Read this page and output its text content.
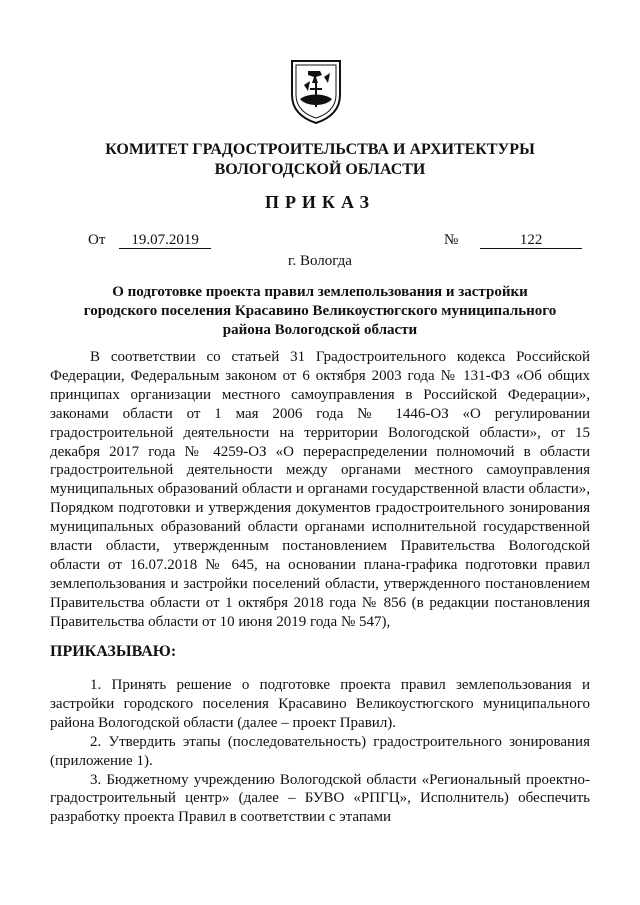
КОМИТЕТ ГРАДОСТРОИТЕЛЬСТВА И АРХИТЕКТУРЫ
ВОЛОГОДСКОЙ ОБЛАСТИ
ПРИКАЗ
От 19.07.2019	№	122
г. Вологда
О подготовке проекта правил землепользования и застройки
городского поселения Красавино Великоустюгского муниципального
района Вологодской области

В соответствии со статьей 31 Градостроительного кодекса Российской Федерации, Федеральным законом от 6 октября 2003 года № 131-ФЗ «Об общих принципах организации местного самоуправления в Российской Федерации», законами области от 1 мая 2006 года № 1446-ОЗ «О регулировании градостроительной деятельности на территории Вологодской области», от 15 декабря 2017 года № 4259-ОЗ «О перераспределении полномочий в области градостроительной деятельности между органами местного самоуправления муниципальных образований области и органами государственной власти области», Порядком подготовки и утверждения документов градостроительного зонирования муниципальных образований области органами исполнительной государственной власти области, утвержденным постановлением Правительства Вологодской области от 16.07.2018 № 645, на основании плана-графика подготовки правил землепользования и застройки поселений области, утвержденного постановлением Правительства области от 1 октября 2018 года № 856 (в редакции постановления Правительства области от 10 июня 2019 года № 547),

ПРИКАЗЫВАЮ:

1. Принять решение о подготовке проекта правил землепользования и застройки городского поселения Красавино Великоустюгского муниципального района Вологодской области (далее – проект Правил).

2. Утвердить этапы (последовательность) градостроительного зонирования (приложение 1).

3. Бюджетному учреждению Вологодской области «Региональный проектно-градостроительный центр» (далее – БУВО «РПГЦ», Исполнитель) обеспечить разработку проекта Правил в соответствии с этапами
